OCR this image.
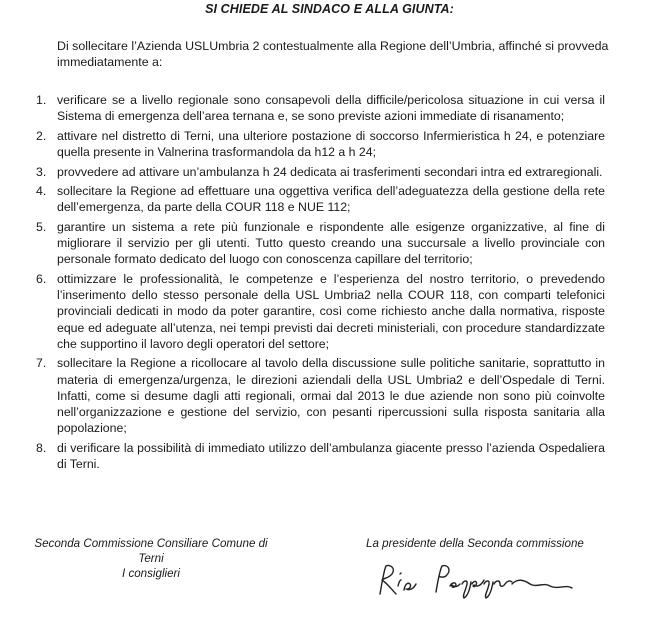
SI CHIEDE AL SINDACO E ALLA GIUNTA:
Di sollecitare l’Azienda USLUmbria 2 contestualmente alla Regione dell’Umbria, affinché si provveda immediatamente a:
1. verificare se a livello regionale sono consapevoli della difficile/pericolosa situazione in cui versa il Sistema di emergenza dell’area ternana e, se sono previste azioni immediate di risanamento;
2. attivare nel distretto di Terni, una ulteriore postazione di soccorso Infermieristica h 24, e potenziare quella presente in Valnerina trasformandola da h12 a h 24;
3. provvedere ad attivare un’ambulanza h 24 dedicata ai trasferimenti secondari intra ed extraregionali.
4. sollecitare la Regione ad effettuare una oggettiva verifica dell’adeguatezza della gestione della rete dell’emergenza, da parte della COUR 118 e NUE 112;
5. garantire un sistema a rete più funzionale e rispondente alle esigenze organizzative, al fine di migliorare il servizio per gli utenti. Tutto questo creando una succursale a livello provinciale con personale formato dedicato del luogo con conoscenza capillare del territorio;
6. ottimizzare le professionalità, le competenze e l’esperienza del nostro territorio, o prevedendo l’inserimento dello stesso personale della USL Umbria2 nella COUR 118, con comparti telefonici provinciali dedicati in modo da poter garantire, così come richiesto anche dalla normativa, risposte eque ed adeguate all’utenza, nei tempi previsti dai decreti ministeriali, con procedure standardizzate che supportino il lavoro degli operatori del settore;
7. sollecitare la Regione a ricollocare al tavolo della discussione sulle politiche sanitarie, soprattutto in materia di emergenza/urgenza, le direzioni aziendali della USL Umbria2 e dell’Ospedale di Terni. Infatti, come si desume dagli atti regionali, ormai dal 2013 le due aziende non sono più coinvolte nell’organizzazione e gestione del servizio, con pesanti ripercussioni sulla risposta sanitaria alla popolazione;
8. di verificare la possibilità di immediato utilizzo dell’ambulanza giacente presso l’azienda Ospedaliera di Terni.
Seconda Commissione Consiliare Comune di Terni
I consiglieri
La presidente della Seconda commissione
